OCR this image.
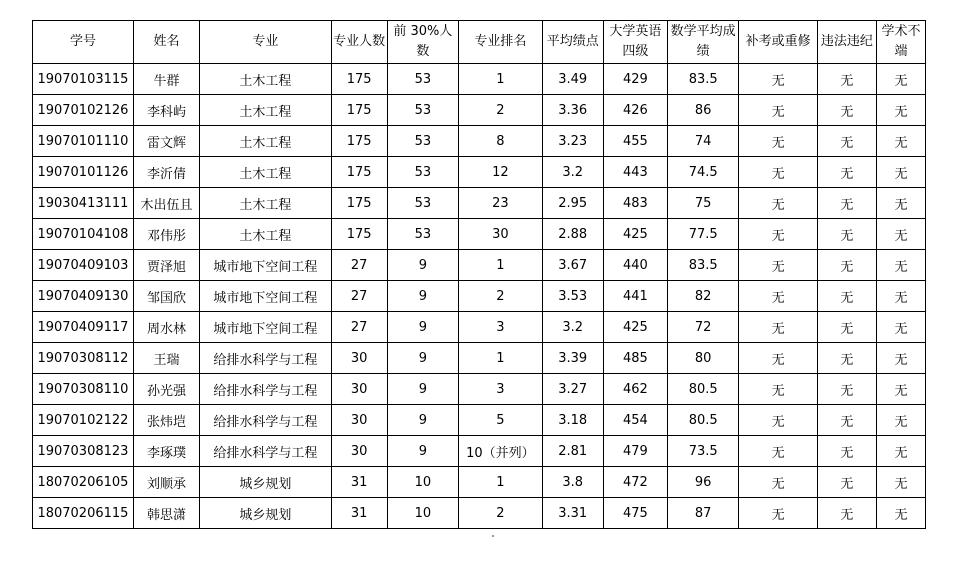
学号	姓名	专业	专业人数	前 30%人数	专业排名	平均绩点	大学英语四级	数学平均成绩	补考或重修	违法违纪	学术不端
19070103115	牛群	土木工程	175	53	1	3.49	429	83.5	无	无	无
19070102126	李科屿	土木工程	175	53	2	3.36	426	86	无	无	无
19070101110	雷文辉	土木工程	175	53	8	3.23	455	74	无	无	无
19070101126	李沂倩	土木工程	175	53	12	3.2	443	74.5	无	无	无
19030413111	木出伍且	土木工程	175	53	23	2.95	483	75	无	无	无
19070104108	邓伟彤	土木工程	175	53	30	2.88	425	77.5	无	无	无
19070409103	贾泽旭	城市地下空间工程	27	9	1	3.67	440	83.5	无	无	无
19070409130	邹国欣	城市地下空间工程	27	9	2	3.53	441	82	无	无	无
19070409117	周水林	城市地下空间工程	27	9	3	3.2	425	72	无	无	无
19070308112	王瑞	给排水科学与工程	30	9	1	3.39	485	80	无	无	无
19070308110	孙光强	给排水科学与工程	30	9	3	3.27	462	80.5	无	无	无
19070102122	张炜垲	给排水科学与工程	30	9	5	3.18	454	80.5	无	无	无
19070308123	李琢璞	给排水科学与工程	30	9	10（并列）	2.81	479	73.5	无	无	无
18070206105	刘顺承	城乡规划	31	10	1	3.8	472	96	无	无	无
18070206115	韩思潇	城乡规划	31	10	2	3.31	475	87	无	无	无
